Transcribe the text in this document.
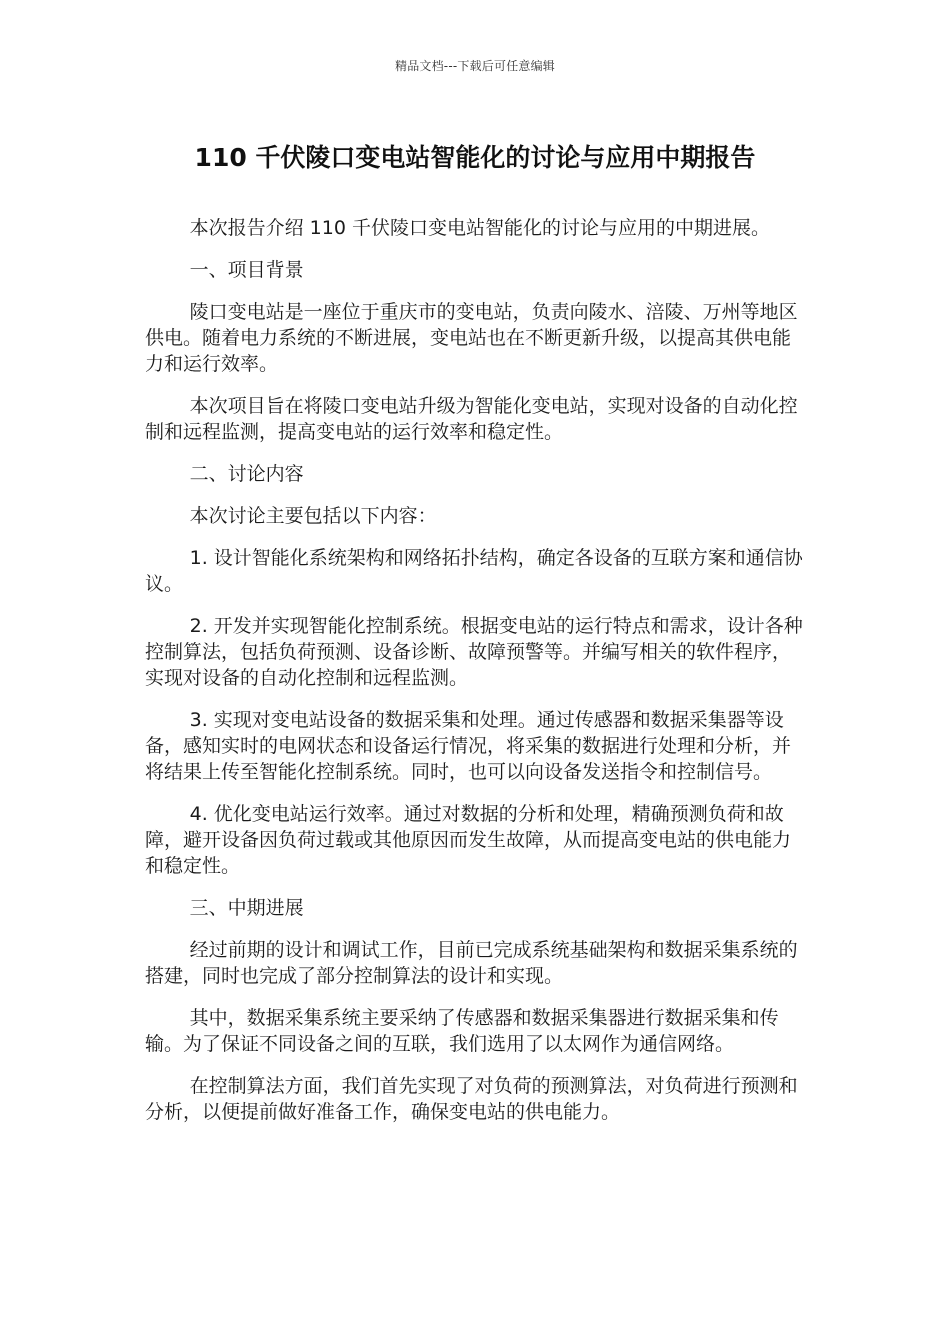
精品文档---下载后可任意编辑
110 千伏陵口变电站智能化的讨论与应用中期报告

本次报告介绍 110 千伏陵口变电站智能化的讨论与应用的中期进展。

一、项目背景

陵口变电站是一座位于重庆市的变电站，负责向陵水、涪陵、万州等地区供电。随着电力系统的不断进展，变电站也在不断更新升级，以提高其供电能力和运行效率。

本次项目旨在将陵口变电站升级为智能化变电站，实现对设备的自动化控制和远程监测，提高变电站的运行效率和稳定性。

二、讨论内容

本次讨论主要包括以下内容：

1. 设计智能化系统架构和网络拓扑结构，确定各设备的互联方案和通信协议。

2. 开发并实现智能化控制系统。根据变电站的运行特点和需求，设计各种控制算法，包括负荷预测、设备诊断、故障预警等。并编写相关的软件程序，实现对设备的自动化控制和远程监测。

3. 实现对变电站设备的数据采集和处理。通过传感器和数据采集器等设备，感知实时的电网状态和设备运行情况，将采集的数据进行处理和分析，并将结果上传至智能化控制系统。同时，也可以向设备发送指令和控制信号。

4. 优化变电站运行效率。通过对数据的分析和处理，精确预测负荷和故障，避开设备因负荷过载或其他原因而发生故障，从而提高变电站的供电能力和稳定性。

三、中期进展

经过前期的设计和调试工作，目前已完成系统基础架构和数据采集系统的搭建，同时也完成了部分控制算法的设计和实现。

其中，数据采集系统主要采纳了传感器和数据采集器进行数据采集和传输。为了保证不同设备之间的互联，我们选用了以太网作为通信网络。

在控制算法方面，我们首先实现了对负荷的预测算法，对负荷进行预测和分析，以便提前做好准备工作，确保变电站的供电能力。
